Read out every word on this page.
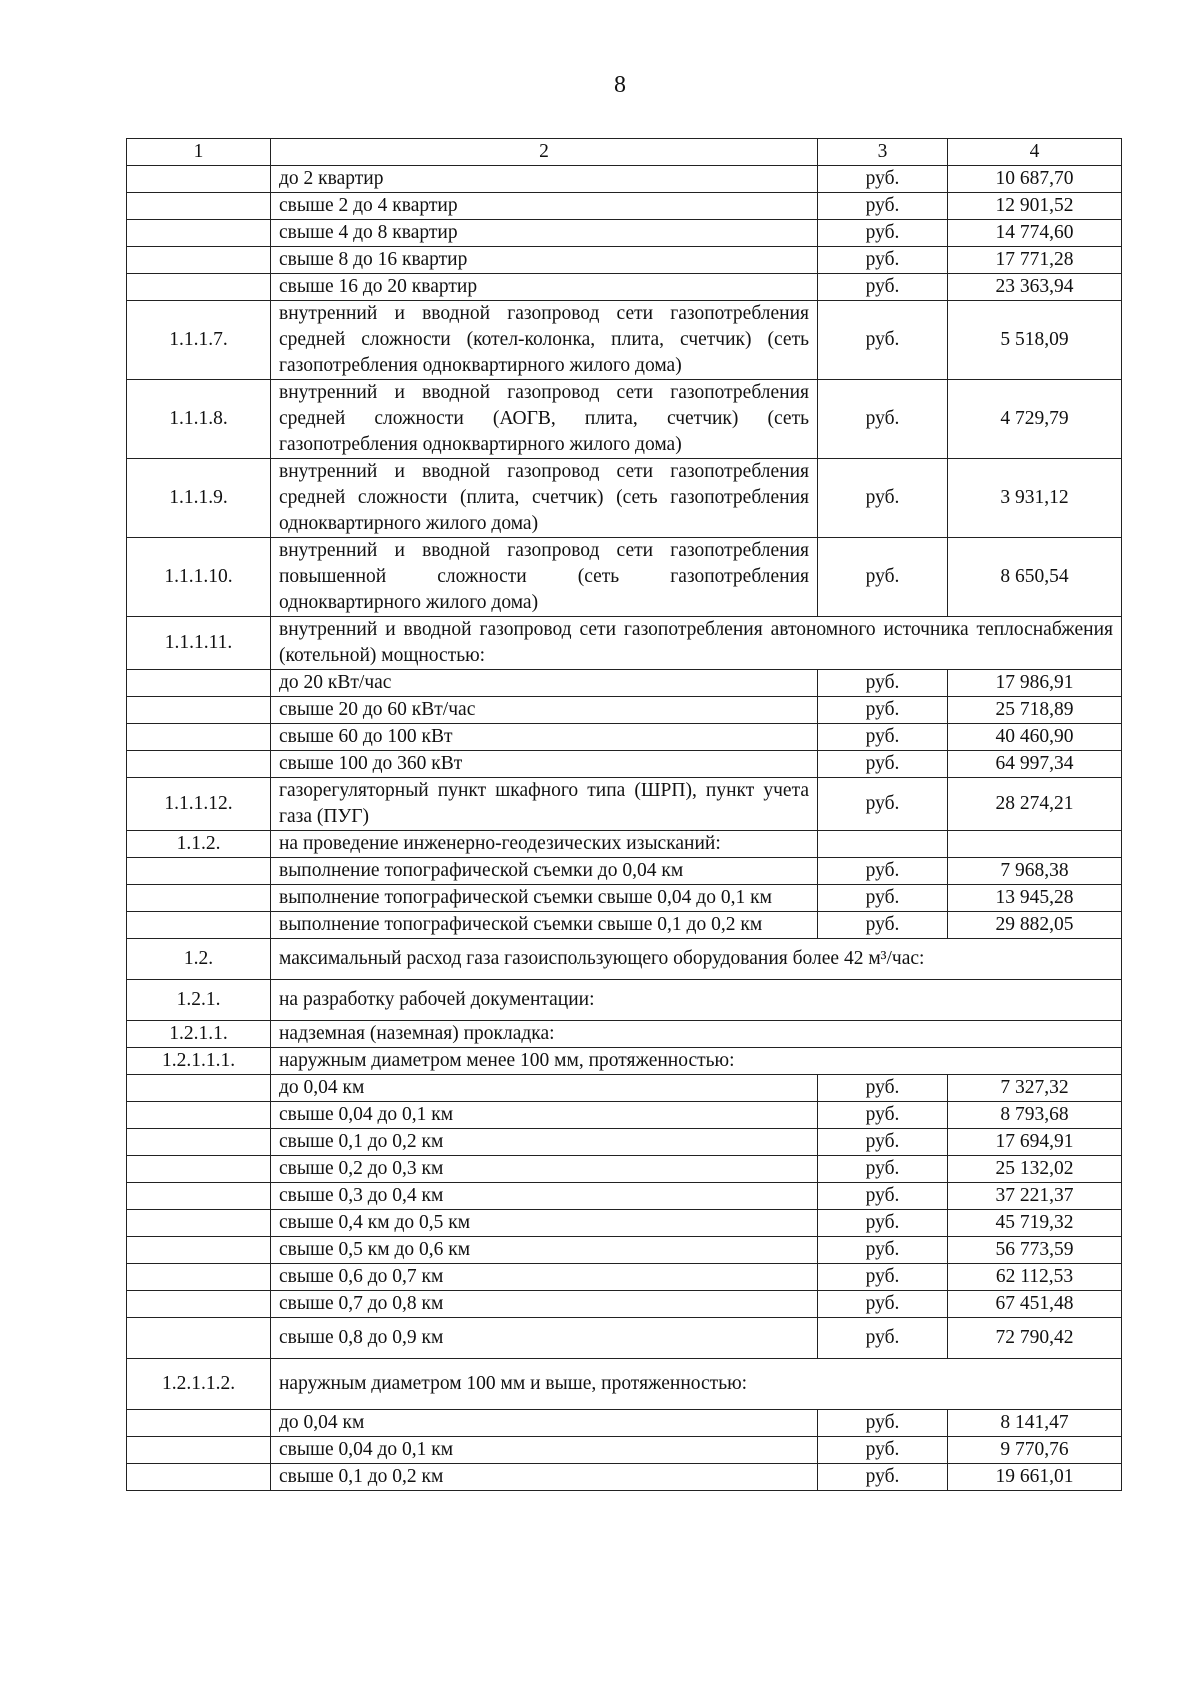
8
1	2	3	4
	до 2 квартир	руб.	10 687,70
	свыше 2 до 4 квартир	руб.	12 901,52
	свыше 4 до 8 квартир	руб.	14 774,60
	свыше 8 до 16 квартир	руб.	17 771,28
	свыше 16 до 20 квартир	руб.	23 363,94
1.1.1.7.	внутренний и вводной газопровод сети газопотребления средней сложности (котел-колонка, плита, счетчик) (сеть газопотребления одноквартирного жилого дома)	руб.	5 518,09
1.1.1.8.	внутренний и вводной газопровод сети газопотребления средней сложности (АОГВ, плита, счетчик) (сеть газопотребления одноквартирного жилого дома)	руб.	4 729,79
1.1.1.9.	внутренний и вводной газопровод сети газопотребления средней сложности (плита, счетчик) (сеть газопотребления одноквартирного жилого дома)	руб.	3 931,12
1.1.1.10.	внутренний и вводной газопровод сети газопотребления повышенной сложности (сеть газопотребления одноквартирного жилого дома)	руб.	8 650,54
1.1.1.11.	внутренний и вводной газопровод сети газопотребления автономного источника теплоснабжения (котельной) мощностью:		
	до 20 кВт/час	руб.	17 986,91
	свыше 20 до 60 кВт/час	руб.	25 718,89
	свыше 60 до 100 кВт	руб.	40 460,90
	свыше 100 до 360 кВт	руб.	64 997,34
1.1.1.12.	газорегуляторный пункт шкафного типа (ШРП), пункт учета газа (ПУГ)	руб.	28 274,21
1.1.2.	на проведение инженерно-геодезических изысканий:		
	выполнение топографической съемки до 0,04 км	руб.	7 968,38
	выполнение топографической съемки свыше 0,04 до 0,1 км	руб.	13 945,28
	выполнение топографической съемки свыше 0,1 до 0,2 км	руб.	29 882,05
1.2.	максимальный расход газа газоиспользующего оборудования более 42 м³/час:		
1.2.1.	на разработку рабочей документации:		
1.2.1.1.	надземная (наземная) прокладка:		
1.2.1.1.1.	наружным диаметром менее 100 мм, протяженностью:		
	до 0,04 км	руб.	7 327,32
	свыше 0,04 до 0,1 км	руб.	8 793,68
	свыше 0,1 до 0,2 км	руб.	17 694,91
	свыше 0,2 до 0,3 км	руб.	25 132,02
	свыше 0,3 до 0,4 км	руб.	37 221,37
	свыше 0,4 км до 0,5 км	руб.	45 719,32
	свыше 0,5 км до 0,6 км	руб.	56 773,59
	свыше 0,6 до 0,7 км	руб.	62 112,53
	свыше 0,7 до 0,8 км	руб.	67 451,48
	свыше 0,8 до 0,9 км	руб.	72 790,42
1.2.1.1.2.	наружным диаметром 100 мм и выше, протяженностью:		
	до 0,04 км	руб.	8 141,47
	свыше 0,04 до 0,1 км	руб.	9 770,76
	свыше 0,1 до 0,2 км	руб.	19 661,01
